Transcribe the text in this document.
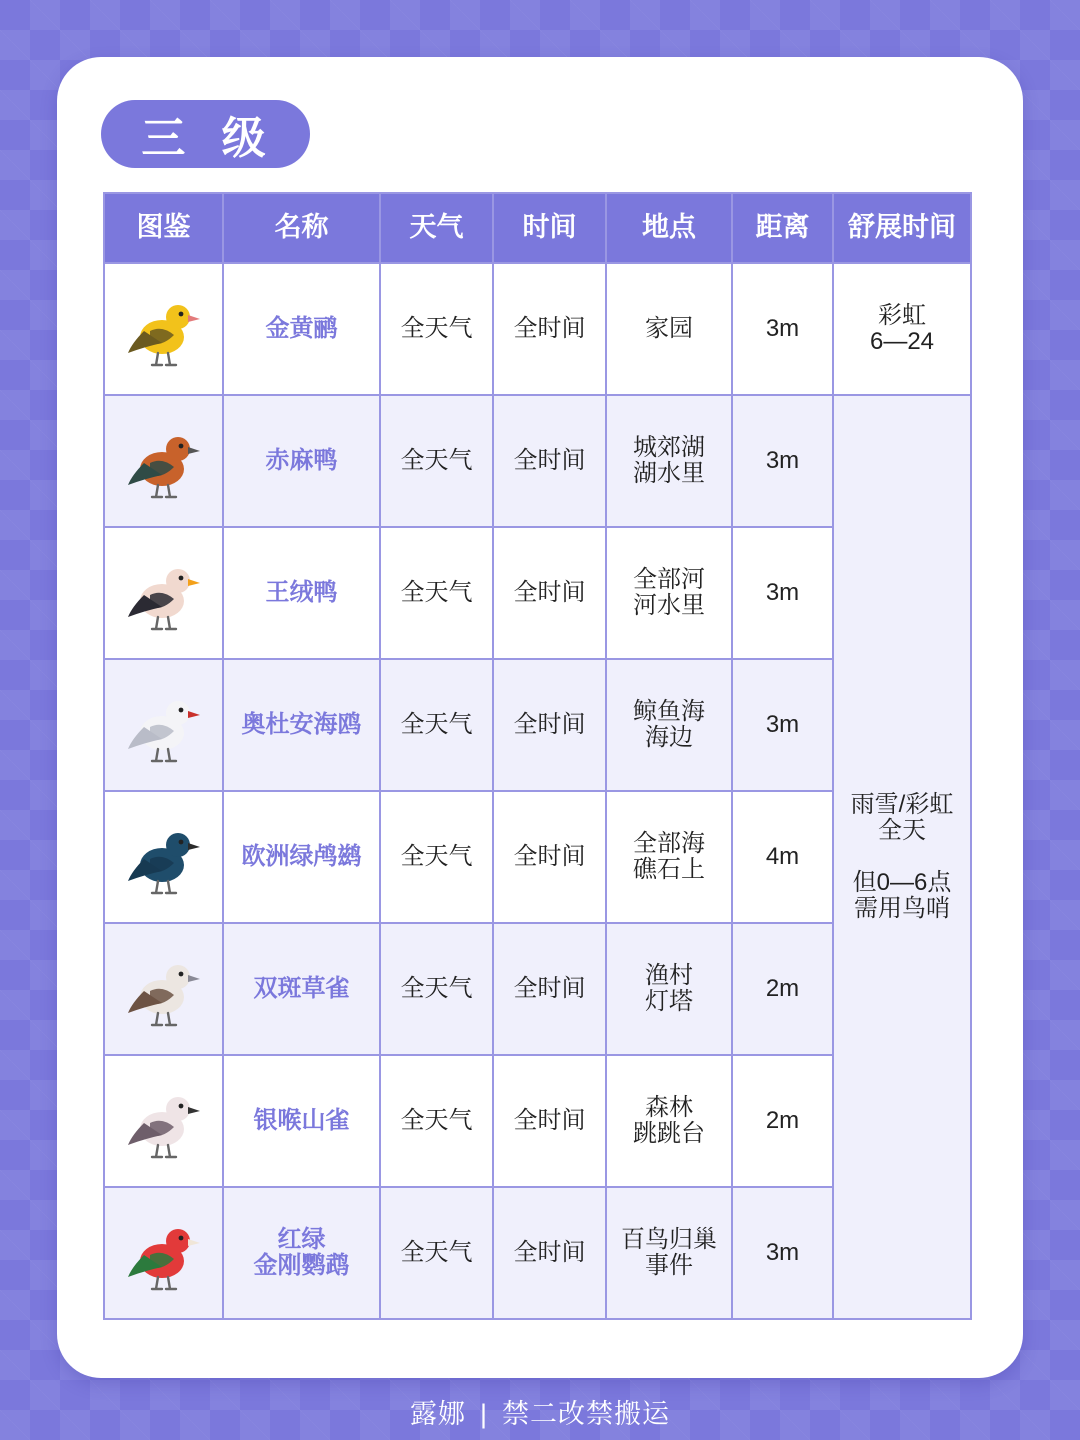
三 级
图鉴	名称	天气	时间	地点	距离	舒展时间

	金黄鹂	全天气	全时间	家园	3m	彩虹
6—24

	赤麻鸭	全天气	全时间	城郊湖
湖水里	3m	雨雪/彩虹
全天

但0—6点
需用鸟哨

	王绒鸭	全天气	全时间	全部河
河水里	3m	

	奥杜安海鸥	全天气	全时间	鲸鱼海
海边	3m	

	欧洲绿鸬鹚	全天气	全时间	全部海
礁石上	4m	

	双斑草雀	全天气	全时间	渔村
灯塔	2m	

	银喉山雀	全天气	全时间	森林
跳跳台	2m	

	红绿
金刚鹦鹉	全天气	全时间	百鸟归巢
事件	3m	
露娜 | 禁二改禁搬运
